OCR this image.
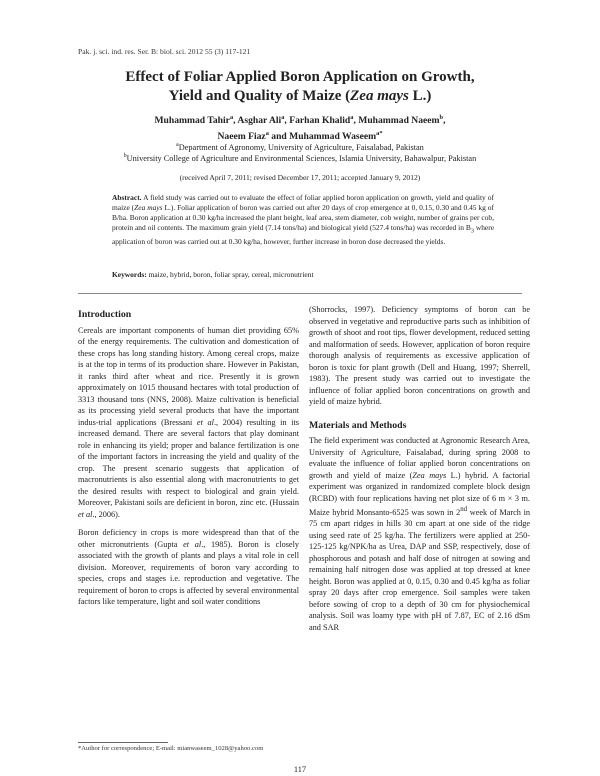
Pak. j. sci. ind. res. Ser. B: biol. sci. 2012 55 (3) 117-121
Effect of Foliar Applied Boron Application on Growth,
Yield and Quality of Maize (Zea mays L.)
Muhammad Tahir$^a$, Asghar Ali$^a$, Farhan Khalid$^a$, Muhammad Naeem$^b$,
Naeem Fiaz$^a$ and Muhammad Waseem$^{a*}$
$^a$Department of Agronomy, University of Agriculture, Faisalabad, Pakistan
$^b$University College of Agriculture and Environmental Sciences, Islamia University, Bahawalpur, Pakistan
(received April 7, 2011; revised December 17, 2011; accepted January 9, 2012)
Abstract. A field study was carried out to evaluate the effect of foliar applied boron application on growth, yield and quality of maize (Zea mays L.). Foliar application of boron was carried out after 20 days of crop emergence at 0, 0.15, 0.30 and 0.45 kg of B/ha. Boron application at 0.30 kg/ha increased the plant height, leaf area, stem diameter, cob weight, number of grains per cob, protein and oil contents. The maximum grain yield (7.14 tons/ha) and biological yield (527.4 tons/ha) was recorded in $B_3$ where application of boron was carried out at 0.30 kg/ha, however, further increase in boron dose decreased the yields.
Keywords: maize, hybrid, boron, foliar spray, cereal, micronutrient
Introduction

Cereals are important components of human diet providing 65% of the energy requirements. The cultivation and domestication of these crops has long standing history. Among cereal crops, maize is at the top in terms of its production share. However in Pakistan, it ranks third after wheat and rice. Presently it is grown approximately on 1015 thousand hectares with total production of 3313 thousand tons (NNS, 2008). Maize cultivation is beneficial as its processing yield several products that have the important indus-trial applications (Bressani et al., 2004) resulting in its increased demand. There are several factors that play dominant role in enhancing its yield; proper and balance fertilization is one of the important factors in increasing the yield and quality of the crop. The present scenario suggests that application of macronutrients is also essential along with macronutrients to get the desired results with respect to biological and grain yield. Moreover, Pakistani soils are deficient in boron, zinc etc. (Hussain et al., 2006).

Boron deficiency in crops is more widespread than that of the other micronutrients (Gupta et al., 1985). Boron is closely associated with the growth of plants and plays a vital role in cell division. Moreover, requirements of boron vary according to species, crops and stages i.e. reproduction and vegetative. The requirement of boron to crops is affected by several environmental factors like temperature, light and soil water conditions

(Shorrocks, 1997). Deficiency symptoms of boron can be observed in vegetative and reproductive parts such as inhibition of growth of shoot and root tips, flower development, reduced setting and malformation of seeds. However, application of boron require thorough analysis of requirements as excessive application of boron is toxic for plant growth (Dell and Huang, 1997; Sherrell, 1983). The present study was carried out to investigate the influence of foliar applied boron concentrations on growth and yield of maize hybrid.

Materials and Methods

The field experiment was conducted at Agronomic Research Area, University of Agriculture, Faisalabad, during spring 2008 to evaluate the influence of foliar applied boron concentrations on growth and yield of maize (Zea mays L.) hybrid. A factorial experiment was organized in randomized complete block design (RCBD) with four replications having net plot size of 6 m × 3 m. Maize hybrid Monsanto-6525 was sown in 2nd week of March in 75 cm apart ridges in hills 30 cm apart at one side of the ridge using seed rate of 25 kg/ha. The fertilizers were applied at 250-125-125 kg/NPK/ha as Urea, DAP and SSP, respectively, dose of phosphorous and potash and half dose of nitrogen at sowing and remaining half nitrogen dose was applied at top dressed at knee height. Boron was applied at 0, 0.15, 0.30 and 0.45 kg/ha as foliar spray 20 days after crop emergence. Soil samples were taken before sowing of crop to a depth of 30 cm for physiochemical analysis. Soil was loamy type with pH of 7.87, EC of 2.16 dSm and SAR

*Author for correspondence; E-mail: mianwaseem_1028@yahoo.com
117
